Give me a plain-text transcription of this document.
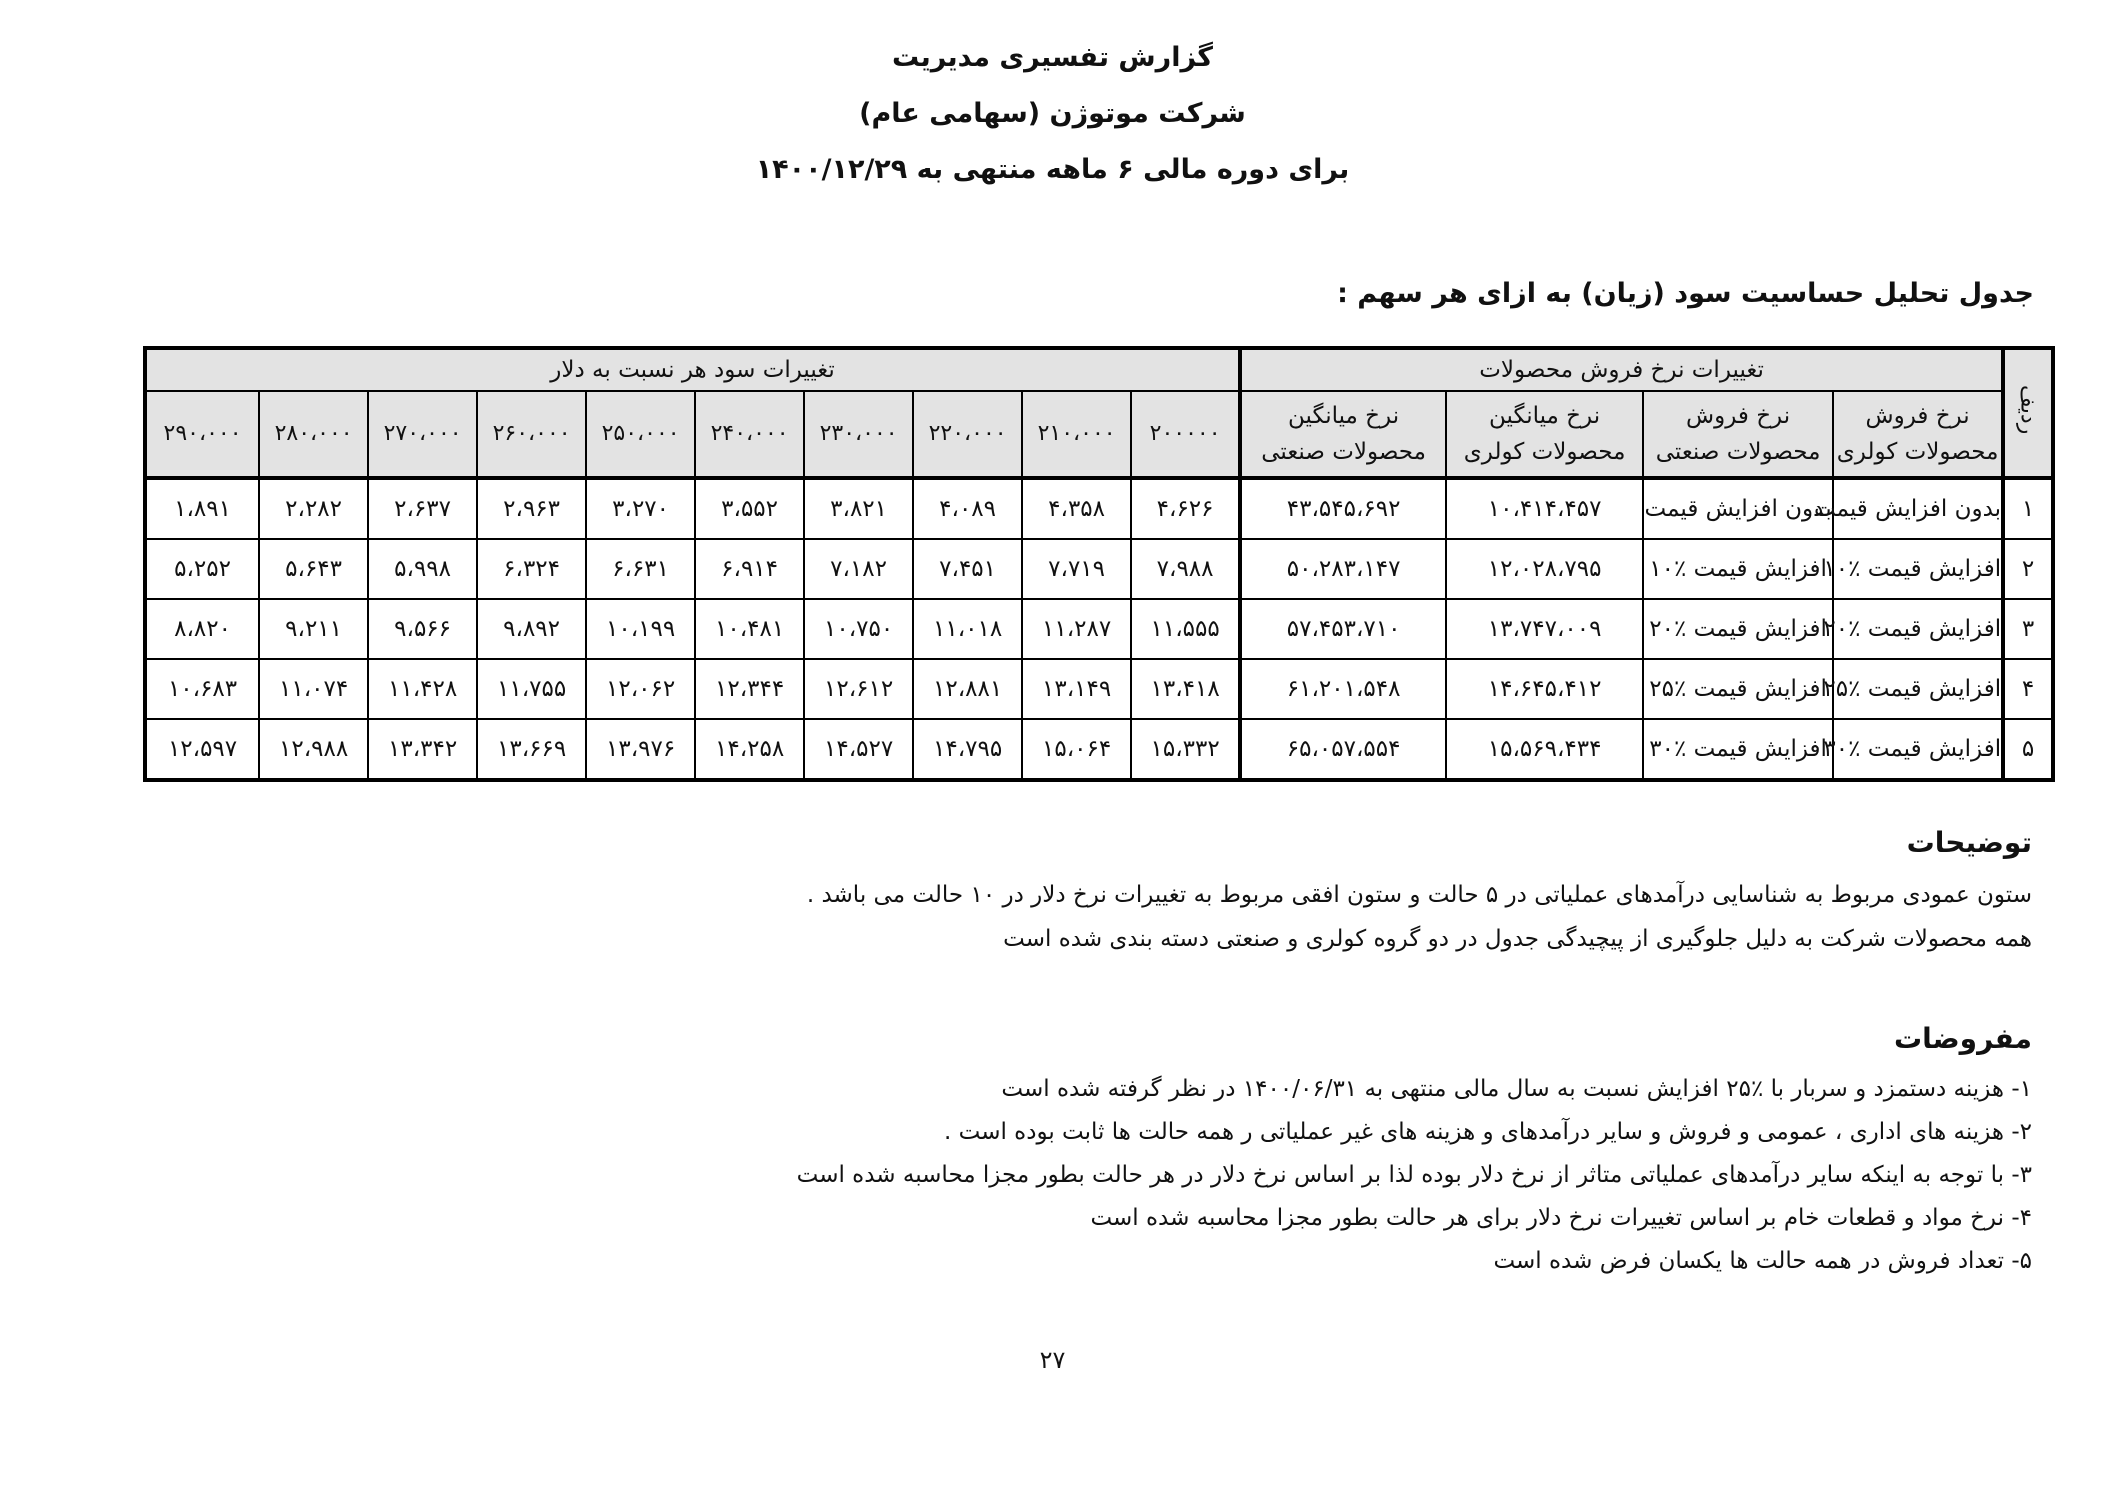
گزارش تفسیری مدیریت
شرکت موتوژن (سهامی عام)
برای دوره مالی ۶ ماهه منتهی به ۱۴۰۰/۱۲/۲۹
جدول تحلیل حساسیت سود (زیان) به ازای هر سهم :
ردیف	تغییرات نرخ فروش محصولات				تغییرات سود هر نسبت به دلار									
	نرخ فروش محصولات کولری	نرخ فروش محصولات صنعتی	نرخ میانگین محصولات کولری	نرخ میانگین محصولات صنعتی	۲۰۰۰۰۰	۲۱۰،۰۰۰	۲۲۰،۰۰۰	۲۳۰،۰۰۰	۲۴۰،۰۰۰	۲۵۰،۰۰۰	۲۶۰،۰۰۰	۲۷۰،۰۰۰	۲۸۰،۰۰۰	۲۹۰،۰۰۰
۱	بدون افزایش قیمت	بدون افزایش قیمت	۱۰،۴۱۴،۴۵۷	۴۳،۵۴۵،۶۹۲	۴،۶۲۶	۴،۳۵۸	۴،۰۸۹	۳،۸۲۱	۳،۵۵۲	۳،۲۷۰	۲،۹۶۳	۲،۶۳۷	۲،۲۸۲	۱،۸۹۱
۲	افزایش قیمت ٪۱۰	افزایش قیمت ٪۱۰	۱۲،۰۲۸،۷۹۵	۵۰،۲۸۳،۱۴۷	۷،۹۸۸	۷،۷۱۹	۷،۴۵۱	۷،۱۸۲	۶،۹۱۴	۶،۶۳۱	۶،۳۲۴	۵،۹۹۸	۵،۶۴۳	۵،۲۵۲
۳	افزایش قیمت ٪۲۰	افزایش قیمت ٪۲۰	۱۳،۷۴۷،۰۰۹	۵۷،۴۵۳،۷۱۰	۱۱،۵۵۵	۱۱،۲۸۷	۱۱،۰۱۸	۱۰،۷۵۰	۱۰،۴۸۱	۱۰،۱۹۹	۹،۸۹۲	۹،۵۶۶	۹،۲۱۱	۸،۸۲۰
۴	افزایش قیمت ٪۲۵	افزایش قیمت ٪۲۵	۱۴،۶۴۵،۴۱۲	۶۱،۲۰۱،۵۴۸	۱۳،۴۱۸	۱۳،۱۴۹	۱۲،۸۸۱	۱۲،۶۱۲	۱۲،۳۴۴	۱۲،۰۶۲	۱۱،۷۵۵	۱۱،۴۲۸	۱۱،۰۷۴	۱۰،۶۸۳
۵	افزایش قیمت ٪۳۰	افزایش قیمت ٪۳۰	۱۵،۵۶۹،۴۳۴	۶۵،۰۵۷،۵۵۴	۱۵،۳۳۲	۱۵،۰۶۴	۱۴،۷۹۵	۱۴،۵۲۷	۱۴،۲۵۸	۱۳،۹۷۶	۱۳،۶۶۹	۱۳،۳۴۲	۱۲،۹۸۸	۱۲،۵۹۷
توضیحات
ستون عمودی مربوط به شناسایی درآمدهای عملیاتی در ۵ حالت و ستون افقی مربوط به تغییرات نرخ دلار در ۱۰ حالت می باشد .
همه محصولات شرکت به دلیل جلوگیری از پیچیدگی جدول در دو گروه کولری و صنعتی دسته بندی شده است
مفروضات
۱- هزینه دستمزد و سربار با ٪۲۵ افزایش نسبت به سال مالی منتهی به ۱۴۰۰/۰۶/۳۱ در نظر گرفته شده است
۲- هزینه های اداری ، عمومی و فروش و سایر درآمدهای و هزینه های غیر عملیاتی ر همه حالت ها ثابت بوده است .
۳- با توجه به اینکه سایر درآمدهای عملیاتی متاثر از نرخ دلار بوده لذا بر اساس نرخ دلار در هر حالت بطور مجزا محاسبه شده است
۴- نرخ مواد و قطعات خام بر اساس تغییرات نرخ دلار برای هر حالت بطور مجزا محاسبه شده است
۵- تعداد فروش در همه حالت ها یکسان فرض شده است
۲۷
